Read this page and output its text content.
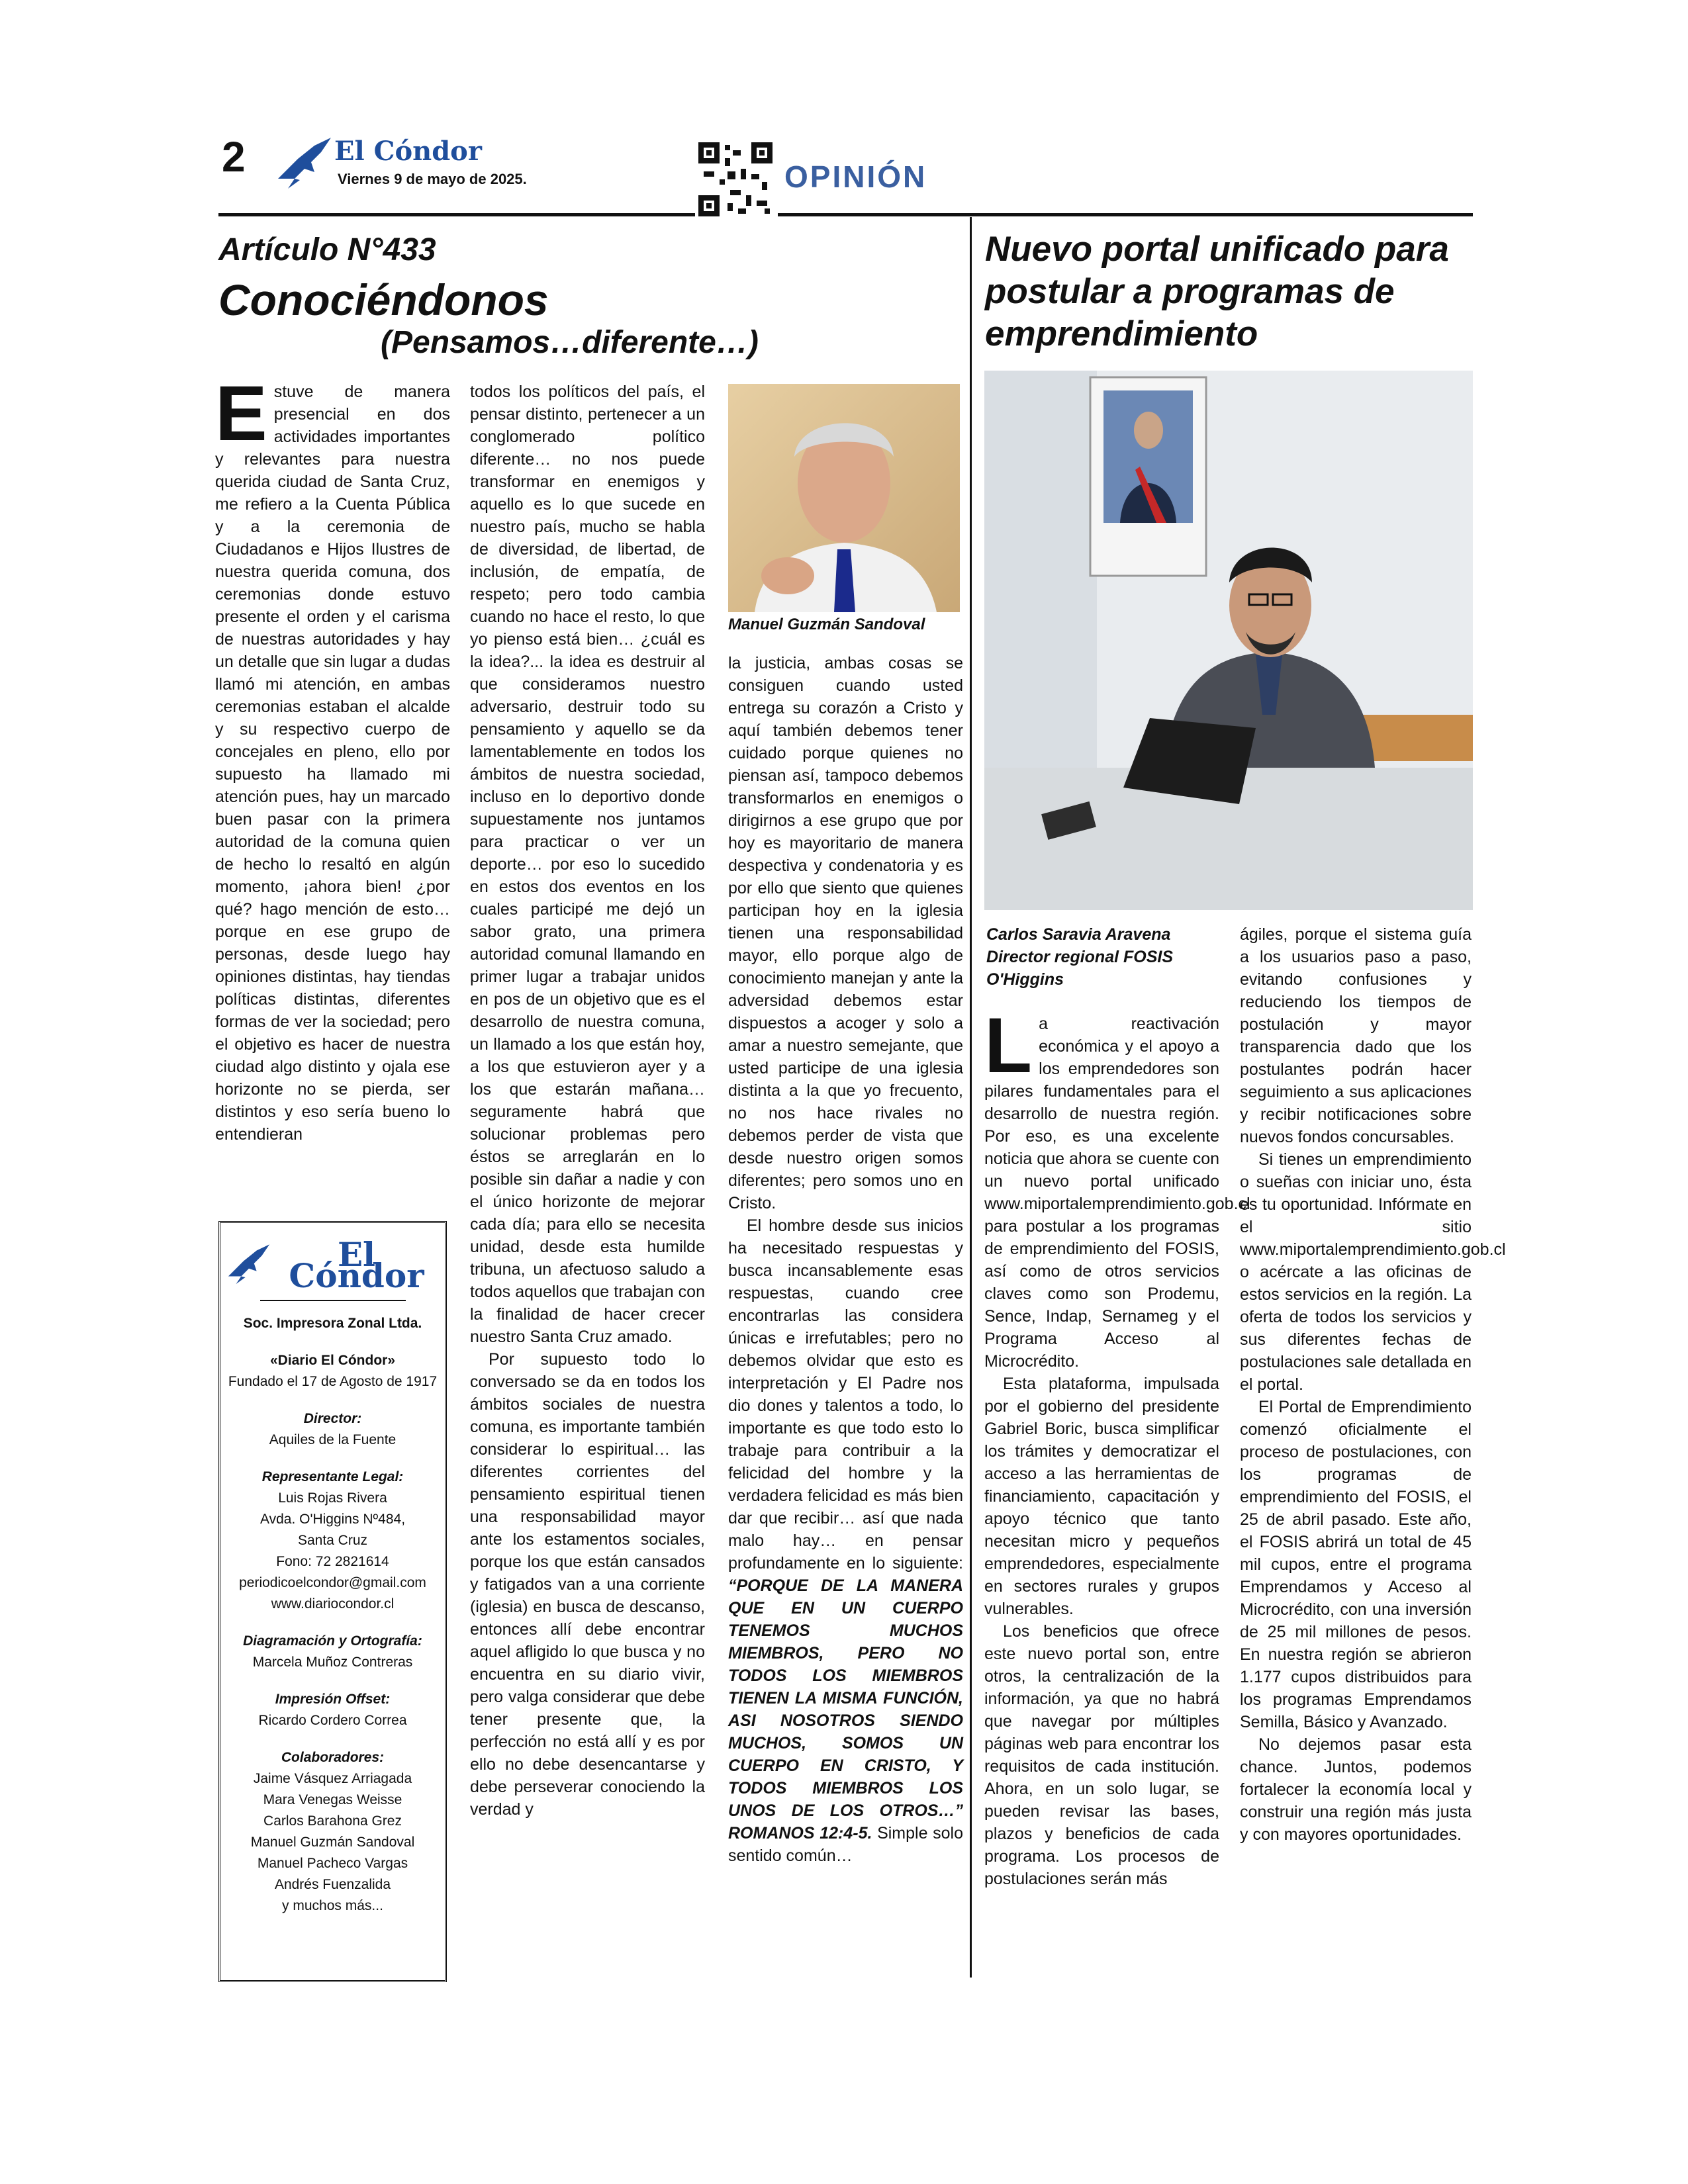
2	El Cóndor
Viernes 9 de mayo de 2025.	OPINIÓN
Artículo N°433
Conociéndonos
(Pensamos…diferente…)

Estuve de manera presencial en dos actividades importantes y relevantes para nuestra querida ciudad de Santa Cruz, me refiero a la Cuenta Pública y a la ceremonia de Ciudadanos e Hijos Ilustres de nuestra querida comuna, dos ceremonias donde estuvo presente el orden y el carisma de nuestras autoridades y hay un detalle que sin lugar a dudas llamó mi atención, en ambas ceremonias estaban el alcalde y su respectivo cuerpo de concejales en pleno, ello por supuesto ha llamado mi atención pues, hay un marcado buen pasar con la primera autoridad de la comuna quien de hecho lo resaltó en algún momento, ¡ahora bien! ¿por qué? hago mención de esto… porque en ese grupo de personas, desde luego hay opiniones distintas, hay tiendas políticas distintas, diferentes formas de ver la sociedad; pero el objetivo es hacer de nuestra ciudad algo distinto y ojala ese horizonte no se pierda, ser distintos y eso sería bueno lo entendieran

todos los políticos del país, el pensar distinto, pertenecer a un conglomerado político diferente… no nos puede transformar en enemigos y aquello es lo que sucede en nuestro país, mucho se habla de diversidad, de libertad, de inclusión, de empatía, de respeto; pero todo cambia cuando no hace el resto, lo que yo pienso está bien… ¿cuál es la idea?... la idea es destruir al que consideramos nuestro adversario, destruir todo su pensamiento y aquello se da lamentablemente en todos los ámbitos de nuestra sociedad, incluso en lo deportivo donde supuestamente nos juntamos para practicar o ver un deporte… por eso lo sucedido en estos dos eventos en los cuales participé me dejó un sabor grato, una primera autoridad comunal llamando en primer lugar a trabajar unidos en pos de un objetivo que es el desarrollo de nuestra comuna, un llamado a los que están hoy, a los que estuvieron ayer y a los que estarán mañana… seguramente habrá que solucionar problemas pero éstos se arreglarán en lo posible sin dañar a nadie y con el único horizonte de mejorar cada día; para ello se necesita unidad, desde esta humilde tribuna, un afectuoso saludo a todos aquellos que trabajan con la finalidad de hacer crecer nuestro Santa Cruz amado.

Por supuesto todo lo conversado se da en todos los ámbitos sociales de nuestra comuna, es importante también considerar lo espiritual… las diferentes corrientes del pensamiento espiritual tienen una responsabilidad mayor ante los estamentos sociales, porque los que están cansados y fatigados van a una corriente (iglesia) en busca de descanso, entonces allí debe encontrar aquel afligido lo que busca y no encuentra en su diario vivir, pero valga considerar que debe tener presente que, la perfección no está allí y es por ello no debe desencantarse y debe perseverar conociendo la verdad y

Manuel Guzmán Sandoval

la justicia, ambas cosas se consiguen cuando usted entrega su corazón a Cristo y aquí también debemos tener cuidado porque quienes no piensan así, tampoco debemos transformarlos en enemigos o dirigirnos a ese grupo que por hoy es mayoritario de manera despectiva y condenatoria y es por ello que siento que quienes participan hoy en la iglesia tienen una responsabilidad mayor, ello porque algo de conocimiento manejan y ante la adversidad debemos estar dispuestos a acoger y solo a amar a nuestro semejante, que usted participe de una iglesia distinta a la que yo frecuento, no nos hace rivales no debemos perder de vista que desde nuestro origen somos diferentes; pero somos uno en Cristo.

El hombre desde sus inicios ha necesitado respuestas y busca incansablemente esas respuestas, cuando cree encontrarlas las considera únicas e irrefutables; pero no debemos olvidar que esto es interpretación y El Padre nos dio dones y talentos a todo, lo importante es que todo esto lo trabaje para contribuir a la felicidad del hombre y la verdadera felicidad es más bien dar que recibir… así que nada malo hay… en pensar profundamente en lo siguiente: “PORQUE DE LA MANERA QUE EN UN CUERPO TENEMOS MUCHOS MIEMBROS, PERO NO TODOS LOS MIEMBROS TIENEN LA MISMA FUNCIÓN, ASI NOSOTROS SIENDO MUCHOS, SOMOS UN CUERPO EN CRISTO, Y TODOS MIEMBROS LOS UNOS DE LOS OTROS…” ROMANOS 12:4-5. Simple solo sentido común…

El Cóndor
Soc. Impresora Zonal Ltda.
«Diario El Cóndor»
Fundado el 17 de Agosto de 1917
Director:
Aquiles de la Fuente
Representante Legal:
Luis Rojas Rivera
Avda. O'Higgins Nº484,
Santa Cruz
Fono: 72 2821614
periodicoelcondor@gmail.com
www.diariocondor.cl
Diagramación y Ortografía:
Marcela Muñoz Contreras
Impresión Offset:
Ricardo Cordero Correa
Colaboradores:
Jaime Vásquez Arriagada
Mara Venegas Weisse
Carlos Barahona Grez
Manuel Guzmán Sandoval
Manuel Pacheco Vargas
Andrés Fuenzalida
y muchos más...
Nuevo portal unificado para postular a programas de emprendimiento
Carlos Saravia Aravena
Director regional FOSIS O'Higgins

La reactivación económica y el apoyo a los emprendedores son pilares fundamentales para el desarrollo de nuestra región. Por eso, es una excelente noticia que ahora se cuente con un nuevo portal unificado www.miportalemprendimiento.gob.cl para postular a los programas de emprendimiento del FOSIS, así como de otros servicios claves como son Prodemu, Sence, Indap, Sernameg y el Programa Acceso al Microcrédito.

Esta plataforma, impulsada por el gobierno del presidente Gabriel Boric, busca simplificar los trámites y democratizar el acceso a las herramientas de financiamiento, capacitación y apoyo técnico que tanto necesitan micro y pequeños emprendedores, especialmente en sectores rurales y grupos vulnerables.

Los beneficios que ofrece este nuevo portal son, entre otros, la centralización de la información, ya que no habrá que navegar por múltiples páginas web para encontrar los requisitos de cada institución. Ahora, en un solo lugar, se pueden revisar las bases, plazos y beneficios de cada programa. Los procesos de postulaciones serán más

ágiles, porque el sistema guía a los usuarios paso a paso, evitando confusiones y reduciendo los tiempos de postulación y mayor transparencia dado que los postulantes podrán hacer seguimiento a sus aplicaciones y recibir notificaciones sobre nuevos fondos concursables.

Si tienes un emprendimiento o sueñas con iniciar uno, ésta es tu oportunidad. Infórmate en el sitio www.miportalemprendimiento.gob.cl o acércate a las oficinas de estos servicios en la región. La oferta de todos los servicios y sus diferentes fechas de postulaciones sale detallada en el portal.

El Portal de Emprendimiento comenzó oficialmente el proceso de postulaciones, con los programas de emprendimiento del FOSIS, el 25 de abril pasado. Este año, el FOSIS abrirá un total de 45 mil cupos, entre el programa Emprendamos y Acceso al Microcrédito, con una inversión de 25 mil millones de pesos. En nuestra región se abrieron 1.177 cupos distribuidos para los programas Emprendamos Semilla, Básico y Avanzado.

No dejemos pasar esta chance. Juntos, podemos fortalecer la economía local y construir una región más justa y con mayores oportunidades.
